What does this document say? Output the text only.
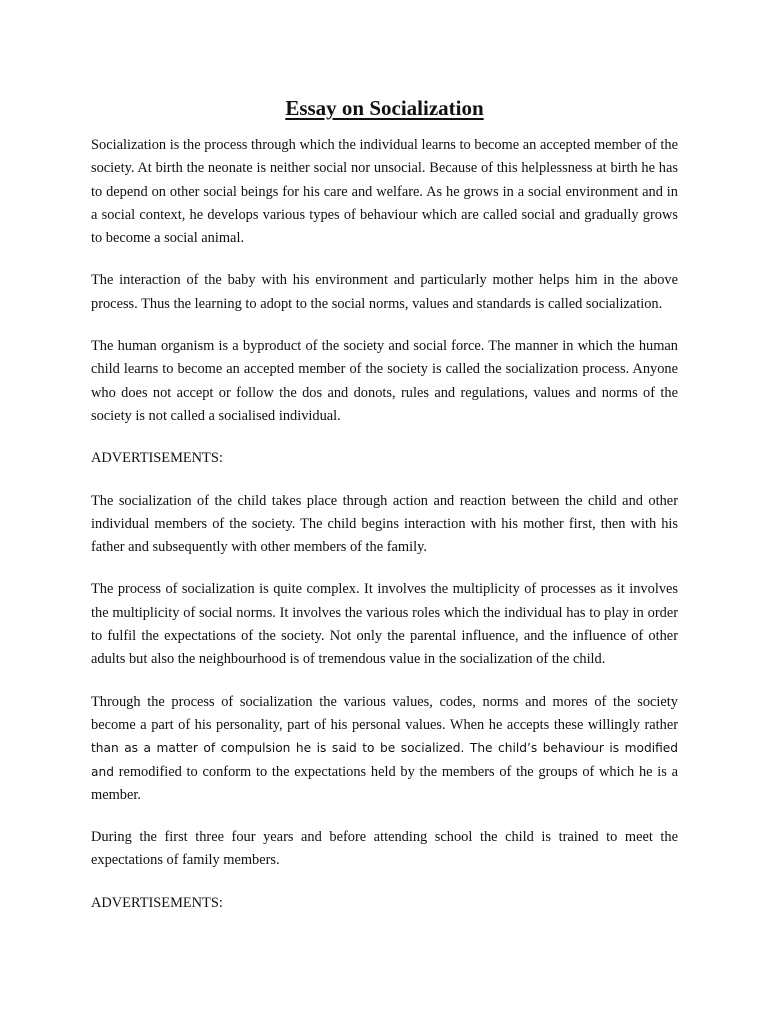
Essay on Socialization

Socialization is the process through which the individual learns to become an accepted member of the society. At birth the neonate is neither social nor unsocial. Because of this helplessness at birth he has to depend on other social beings for his care and welfare. As he grows in a social environment and in a social context, he develops various types of behaviour which are called social and gradually grows to become a social animal.

The interaction of the baby with his environment and particularly mother helps him in the above process. Thus the learning to adopt to the social norms, values and standards is called socialization.

The human organism is a byproduct of the society and social force. The manner in which the human child learns to become an accepted member of the society is called the socialization process. Anyone who does not accept or follow the dos and donots, rules and regulations, values and norms of the society is not called a socialised individual.

ADVERTISEMENTS:

The socialization of the child takes place through action and reaction between the child and other individual members of the society. The child begins interaction with his mother first, then with his father and subsequently with other members of the family.

The process of socialization is quite complex. It involves the multiplicity of processes as it involves the multiplicity of social norms. It involves the various roles which the individual has to play in order to fulfil the expectations of the society. Not only the parental influence, and the influence of other adults but also the neighbourhood is of tremendous value in the socialization of the child.

Through the process of socialization the various values, codes, norms and mores of the society become a part of his personality, part of his personal values. When he accepts these willingly rather than as a matter of compulsion he is said to be socialized. The child’s behaviour is modified and remodified to conform to the expectations held by the members of the groups of which he is a member.

During the first three four years and before attending school the child is trained to meet the expectations of family members.

ADVERTISEMENTS:
